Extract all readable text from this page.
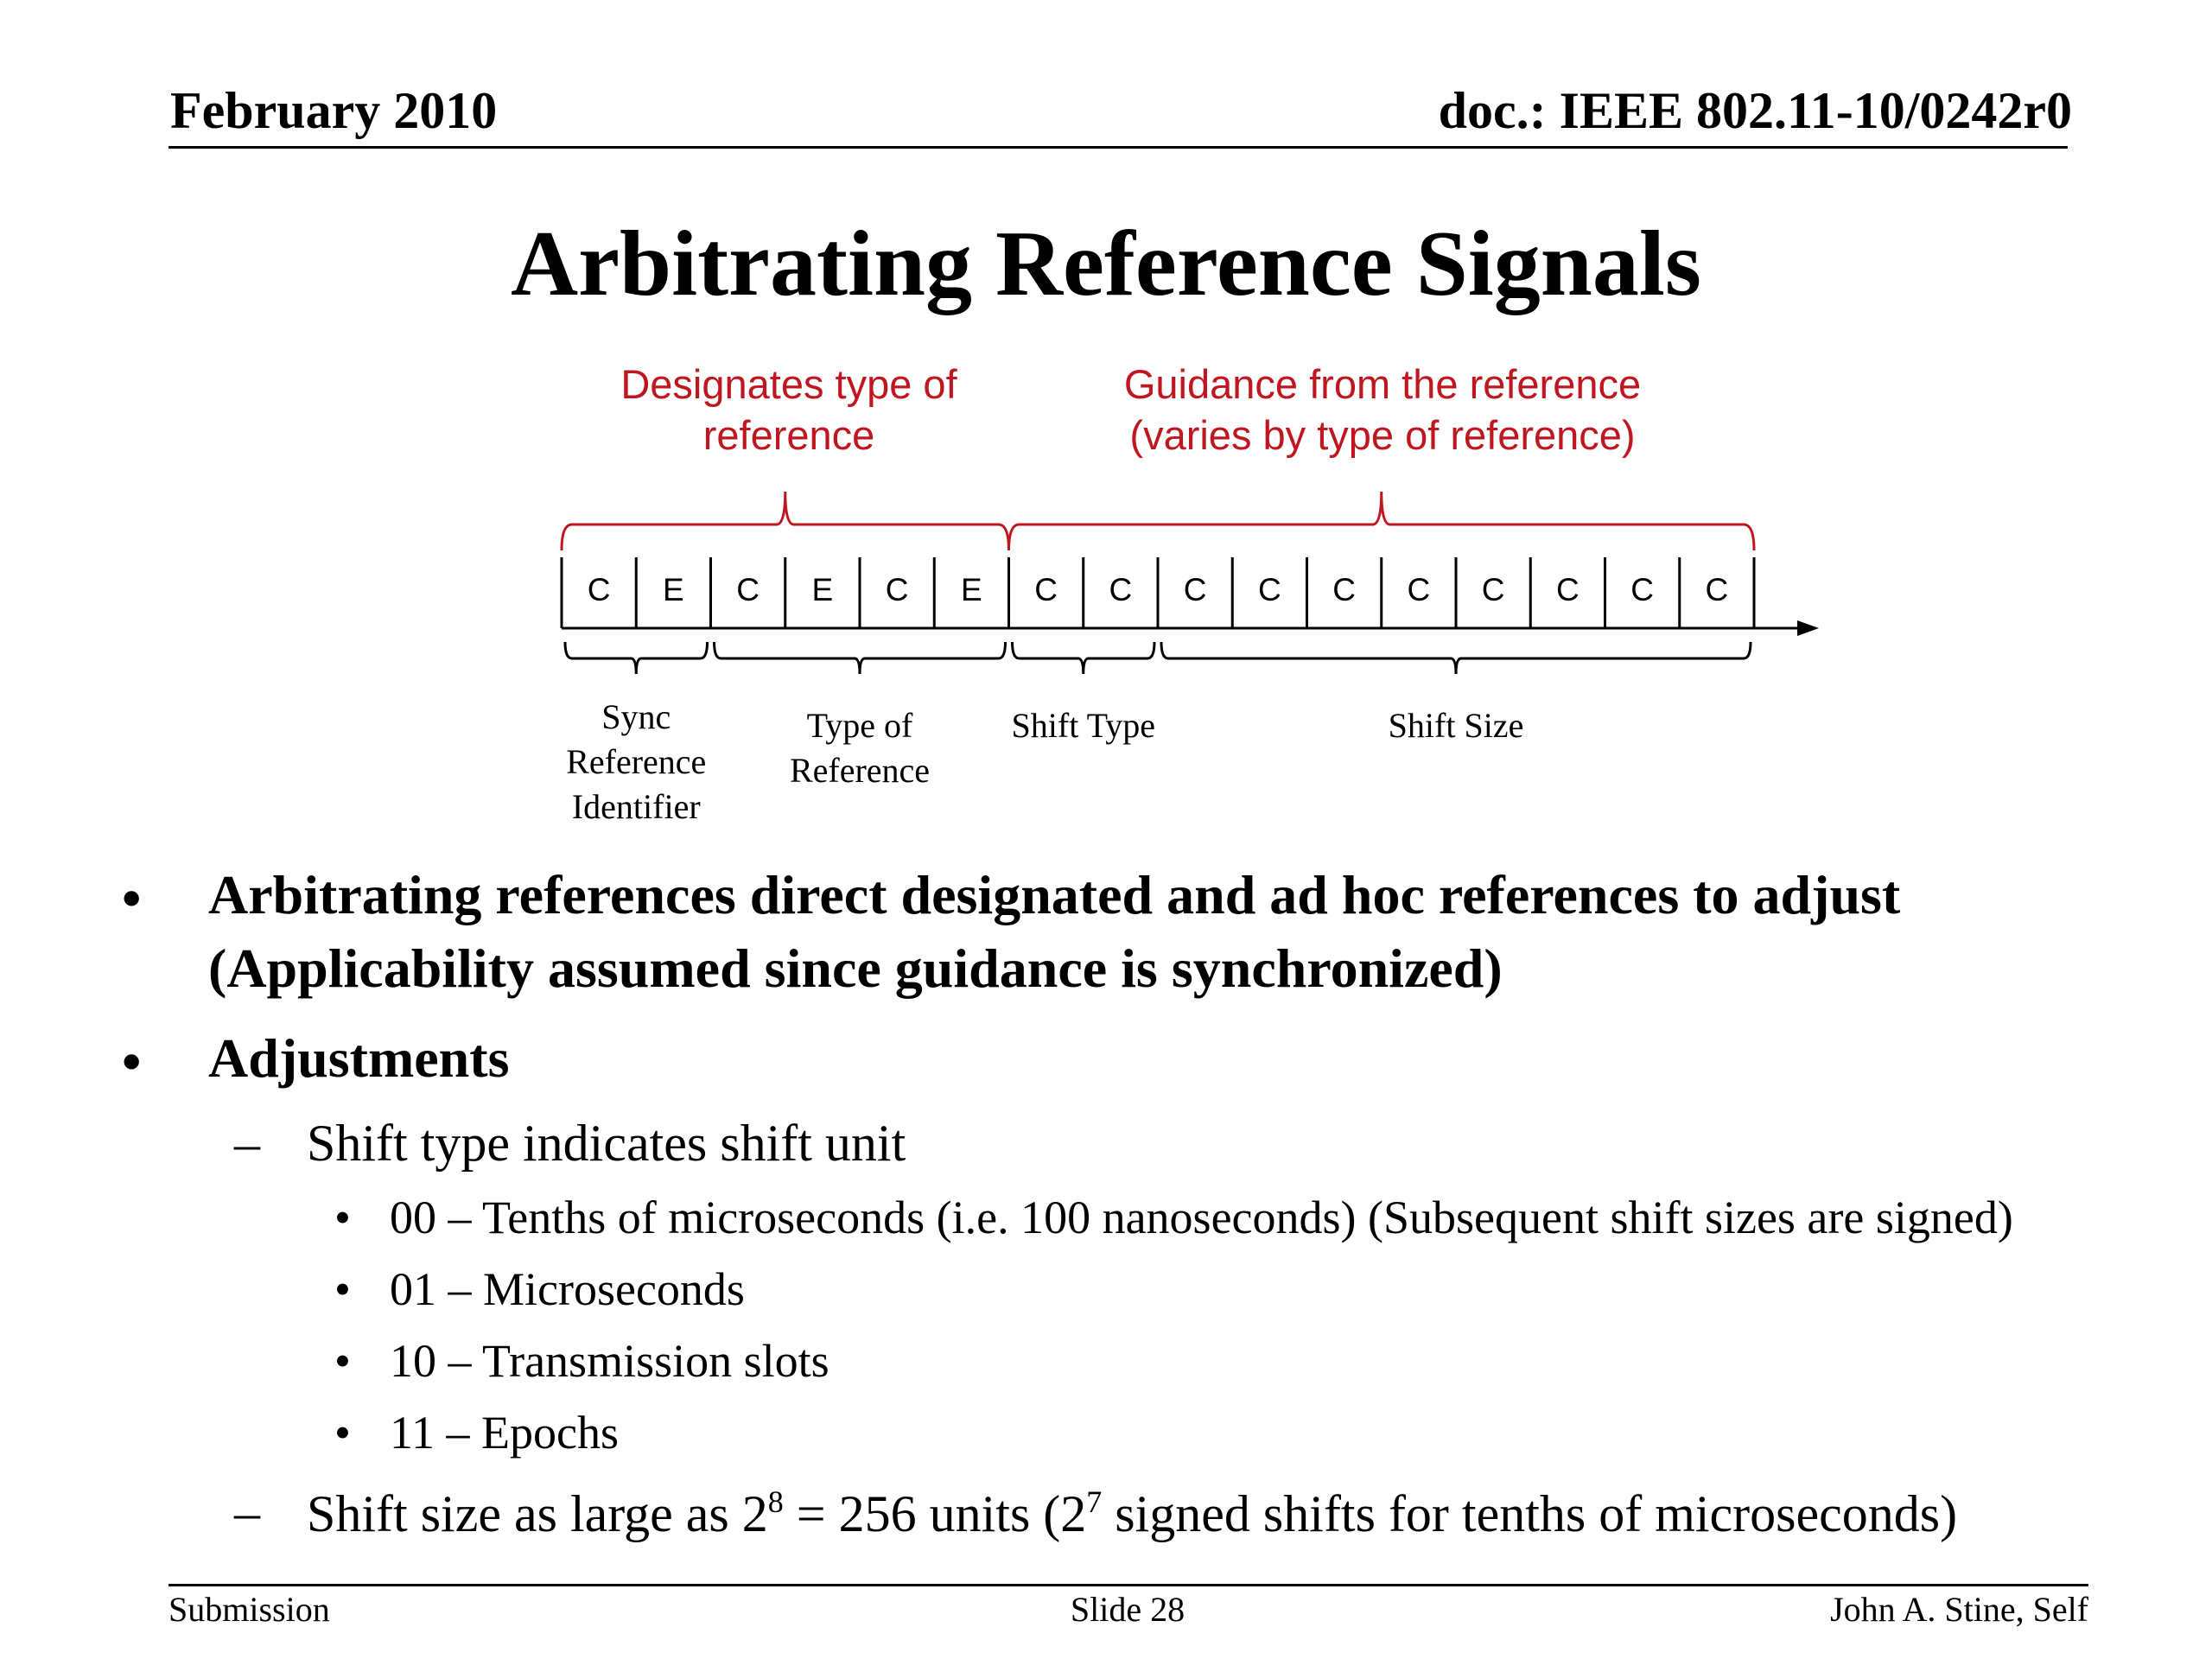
February 2010	doc.: IEEE 802.11-10/0242r0
Arbitrating Reference Signals
Designates type of
reference
Guidance from the reference
(varies by type of reference)
C E C E C E C C C C C C C C C C
Sync
Reference
Identifier
Type of
Reference
Shift Type	Shift Size
• Arbitrating references direct designated and ad hoc references to adjust
(Applicability assumed since guidance is synchronized)
• Adjustments
– Shift type indicates shift unit
• 00 – Tenths of microseconds (i.e. 100 nanoseconds) (Subsequent shift sizes are signed)
• 01 – Microseconds
• 10 – Transmission slots
• 11 – Epochs
– Shift size as large as $2^8 = 256$ units ($2^7$ signed shifts for tenths of microseconds)
Submission	Slide 28	John A. Stine, Self
